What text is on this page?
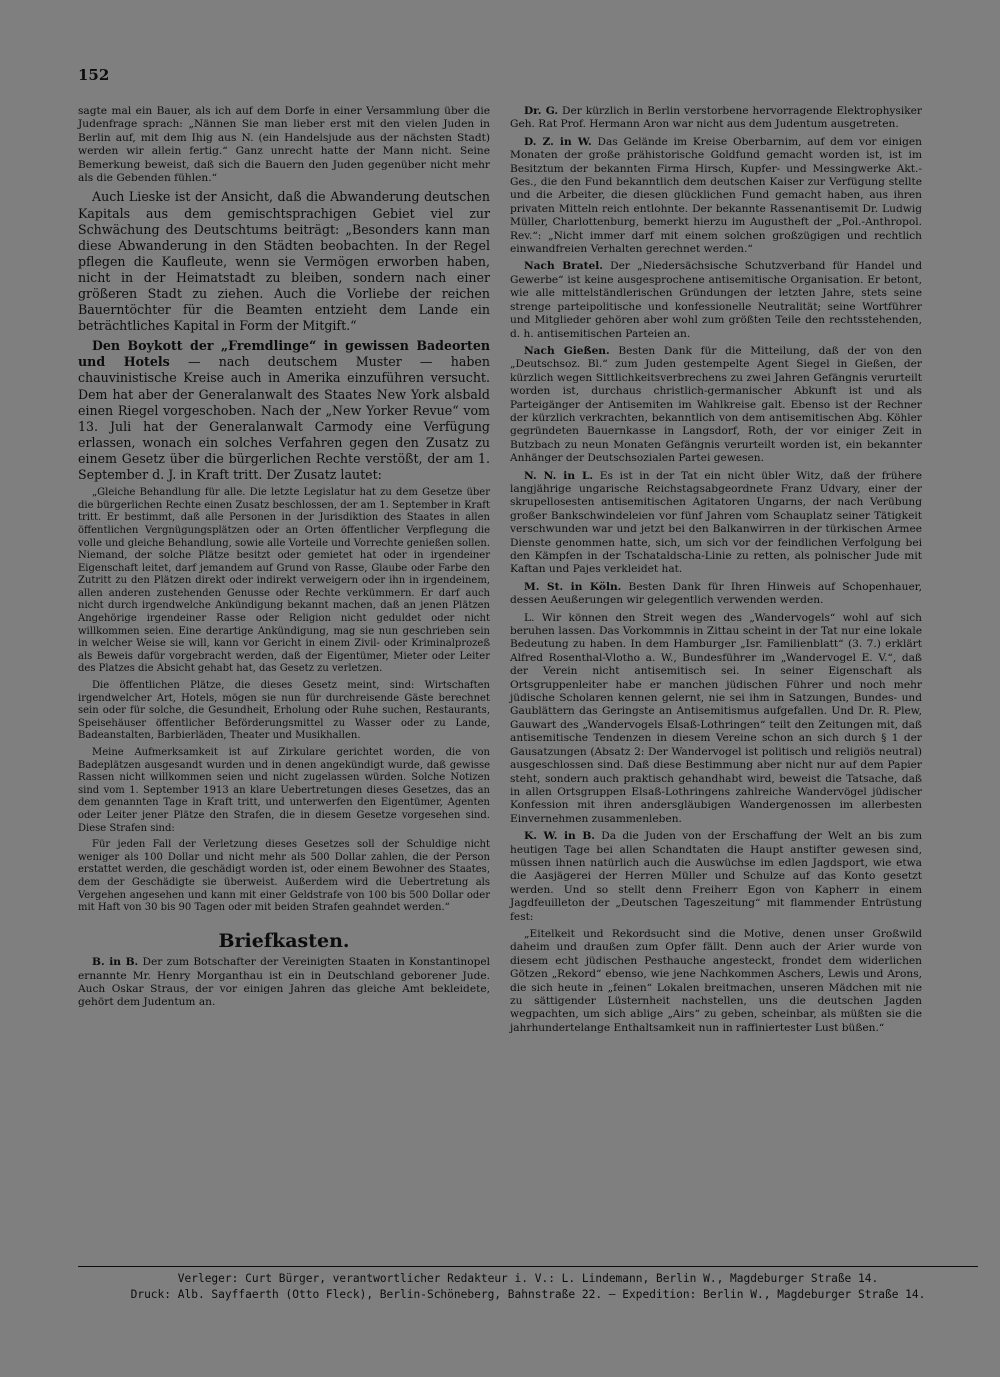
152

sagte mal ein Bauer, als ich auf dem Dorfe in einer Versammlung über die Judenfrage sprach: „Nännen Sie man lieber erst mit den vielen Juden in Berlin auf, mit dem Ihig aus N. (ein Handelsjude aus der nächsten Stadt) werden wir allein fertig.“ Ganz unrecht hatte der Mann nicht. Seine Bemerkung beweist, daß sich die Bauern den Juden gegenüber nicht mehr als die Gebenden fühlen.“

Auch Lieske ist der Ansicht, daß die Abwanderung deutschen Kapitals aus dem gemischtsprachigen Gebiet viel zur Schwächung des Deutschtums beiträgt: „Besonders kann man diese Abwanderung in den Städten beobachten. In der Regel pflegen die Kaufleute, wenn sie Vermögen erworben haben, nicht in der Heimatstadt zu bleiben, sondern nach einer größeren Stadt zu ziehen. Auch die Vorliebe der reichen Bauerntöchter für die Beamten entzieht dem Lande ein beträchtliches Kapital in Form der Mitgift.“

Den Boykott der „Fremdlinge“ in gewissen Badeorten und Hotels — nach deutschem Muster — haben chauvinistische Kreise auch in Amerika einzuführen versucht. Dem hat aber der Generalanwalt des Staates New York alsbald einen Riegel vorgeschoben. Nach der „New Yorker Revue“ vom 13. Juli hat der Generalanwalt Carmody eine Verfügung erlassen, wonach ein solches Verfahren gegen den Zusatz zu einem Gesetz über die bürgerlichen Rechte verstößt, der am 1. September d. J. in Kraft tritt. Der Zusatz lautet:

„Gleiche Behandlung für alle. Die letzte Legislatur hat zu dem Gesetze über die bürgerlichen Rechte einen Zusatz beschlossen, der am 1. September in Kraft tritt. Er bestimmt, daß alle Personen in der Jurisdiktion des Staates in allen öffentlichen Vergnügungsplätzen oder an Orten öffentlicher Verpflegung die volle und gleiche Behandlung, sowie alle Vorteile und Vorrechte genießen sollen. Niemand, der solche Plätze besitzt oder gemietet hat oder in irgendeiner Eigenschaft leitet, darf jemandem auf Grund von Rasse, Glaube oder Farbe den Zutritt zu den Plätzen direkt oder indirekt verweigern oder ihn in irgendeinem, allen anderen zustehenden Genusse oder Rechte verkümmern. Er darf auch nicht durch irgendwelche Ankündigung bekannt machen, daß an jenen Plätzen Angehörige irgendeiner Rasse oder Religion nicht geduldet oder nicht willkommen seien. Eine derartige Ankündigung, mag sie nun geschrieben sein in welcher Weise sie will, kann vor Gericht in einem Zivil- oder Kriminalprozeß als Beweis dafür vorgebracht werden, daß der Eigentümer, Mieter oder Leiter des Platzes die Absicht gehabt hat, das Gesetz zu verletzen.

Die öffentlichen Plätze, die dieses Gesetz meint, sind: Wirtschaften irgendwelcher Art, Hotels, mögen sie nun für durchreisende Gäste berechnet sein oder für solche, die Gesundheit, Erholung oder Ruhe suchen, Restaurants, Speisehäuser öffentlicher Beförderungsmittel zu Wasser oder zu Lande, Badeanstalten, Barbierläden, Theater und Musikhallen.

Meine Aufmerksamkeit ist auf Zirkulare gerichtet worden, die von Badeplätzen ausgesandt wurden und in denen angekündigt wurde, daß gewisse Rassen nicht willkommen seien und nicht zugelassen würden. Solche Notizen sind vom 1. September 1913 an klare Uebertretungen dieses Gesetzes, das an dem genannten Tage in Kraft tritt, und unterwerfen den Eigentümer, Agenten oder Leiter jener Plätze den Strafen, die in diesem Gesetze vorgesehen sind. Diese Strafen sind:

Für jeden Fall der Verletzung dieses Gesetzes soll der Schuldige nicht weniger als 100 Dollar und nicht mehr als 500 Dollar zahlen, die der Person erstattet werden, die geschädigt worden ist, oder einem Bewohner des Staates, dem der Geschädigte sie überweist. Außerdem wird die Uebertretung als Vergehen angesehen und kann mit einer Geldstrafe von 100 bis 500 Dollar oder mit Haft von 30 bis 90 Tagen oder mit beiden Strafen geahndet werden.“

Briefkasten.

B. in B. Der zum Botschafter der Vereinigten Staaten in Konstantinopel ernannte Mr. Henry Morganthau ist ein in Deutschland geborener Jude. Auch Oskar Straus, der vor einigen Jahren das gleiche Amt bekleidete, gehört dem Judentum an.

Dr. G. Der kürzlich in Berlin verstorbene hervorragende Elektrophysiker Geh. Rat Prof. Hermann Aron war nicht aus dem Judentum ausgetreten.

D. Z. in W. Das Gelände im Kreise Oberbarnim, auf dem vor einigen Monaten der große prähistorische Goldfund gemacht worden ist, ist im Besitztum der bekannten Firma Hirsch, Kupfer- und Messingwerke Akt.-Ges., die den Fund bekanntlich dem deutschen Kaiser zur Verfügung stellte und die Arbeiter, die diesen glücklichen Fund gemacht haben, aus ihren privaten Mitteln reich entlohnte. Der bekannte Rassenantisemit Dr. Ludwig Müller, Charlottenburg, bemerkt hierzu im Augustheft der „Pol.-Anthropol. Rev.“: „Nicht immer darf mit einem solchen großzügigen und rechtlich einwandfreien Verhalten gerechnet werden.“

Nach Bratel. Der „Niedersächsische Schutzverband für Handel und Gewerbe“ ist keine ausgesprochene antisemitische Organisation. Er betont, wie alle mittelständlerischen Gründungen der letzten Jahre, stets seine strenge parteipolitische und konfessionelle Neutralität; seine Wortführer und Mitglieder gehören aber wohl zum größten Teile den rechtsstehenden, d. h. antisemitischen Parteien an.

Nach Gießen. Besten Dank für die Mitteilung, daß der von den „Deutschsoz. Bl.“ zum Juden gestempelte Agent Siegel in Gießen, der kürzlich wegen Sittlichkeitsverbrechens zu zwei Jahren Gefängnis verurteilt worden ist, durchaus christlich-germanischer Abkunft ist und als Parteigänger der Antisemiten im Wahlkreise galt. Ebenso ist der Rechner der kürzlich verkrachten, bekanntlich von dem antisemitischen Abg. Köhler gegründeten Bauernkasse in Langsdorf, Roth, der vor einiger Zeit in Butzbach zu neun Monaten Gefängnis verurteilt worden ist, ein bekannter Anhänger der Deutschsozialen Partei gewesen.

N. N. in L. Es ist in der Tat ein nicht übler Witz, daß der frühere langjährige ungarische Reichstagsabgeordnete Franz Udvary, einer der skrupellosesten antisemitischen Agitatoren Ungarns, der nach Verübung großer Bankschwindeleien vor fünf Jahren vom Schauplatz seiner Tätigkeit verschwunden war und jetzt bei den Balkanwirren in der türkischen Armee Dienste genommen hatte, sich, um sich vor der feindlichen Verfolgung bei den Kämpfen in der Tschataldscha-Linie zu retten, als polnischer Jude mit Kaftan und Pajes verkleidet hat.

M. St. in Köln. Besten Dank für Ihren Hinweis auf Schopenhauer, dessen Aeußerungen wir gelegentlich verwenden werden.

L. Wir können den Streit wegen des „Wandervogels“ wohl auf sich beruhen lassen. Das Vorkommnis in Zittau scheint in der Tat nur eine lokale Bedeutung zu haben. In dem Hamburger „Isr. Familienblatt“ (3. 7.) erklärt Alfred Rosenthal-Vlotho a. W., Bundesführer im „Wandervogel E. V.“, daß der Verein nicht antisemitisch sei. In seiner Eigenschaft als Ortsgruppenleiter habe er manchen jüdischen Führer und noch mehr jüdische Scholaren kennen gelernt, nie sei ihm in Satzungen, Bundes- und Gaublättern das Geringste an Antisemitismus aufgefallen. Und Dr. R. Plew, Gauwart des „Wandervogels Elsaß-Lothringen“ teilt den Zeitungen mit, daß antisemitische Tendenzen in diesem Vereine schon an sich durch § 1 der Gausatzungen (Absatz 2: Der Wandervogel ist politisch und religiös neutral) ausgeschlossen sind. Daß diese Bestimmung aber nicht nur auf dem Papier steht, sondern auch praktisch gehandhabt wird, beweist die Tatsache, daß in allen Ortsgruppen Elsaß-Lothringens zahlreiche Wandervögel jüdischer Konfession mit ihren andersgläubigen Wandergenossen im allerbesten Einvernehmen zusammenleben.

K. W. in B. Da die Juden von der Erschaffung der Welt an bis zum heutigen Tage bei allen Schandtaten die Haupt anstifter gewesen sind, müssen ihnen natürlich auch die Auswüchse im edlen Jagdsport, wie etwa die Aasjägerei der Herren Müller und Schulze auf das Konto gesetzt werden. Und so stellt denn Freiherr Egon von Kapherr in einem Jagdfeuilleton der „Deutschen Tageszeitung“ mit flammender Entrüstung fest:

„Eitelkeit und Rekordsucht sind die Motive, denen unser Großwild daheim und draußen zum Opfer fällt. Denn auch der Arier wurde von diesem echt jüdischen Pesthauche angesteckt, frondet dem widerlichen Götzen „Rekord“ ebenso, wie jene Nachkommen Aschers, Lewis und Arons, die sich heute in „feinen“ Lokalen breitmachen, unseren Mädchen mit nie zu sättigender Lüsternheit nachstellen, uns die deutschen Jagden wegpachten, um sich ablige „Airs“ zu geben, scheinbar, als müßten sie die jahrhundertelange Enthaltsamkeit nun in raffiniertester Lust büßen.“

Verleger: Curt Bürger, verantwortlicher Redakteur i. V.: L. Lindemann, Berlin W., Magdeburger Straße 14.
Druck: Alb. Sayffaerth (Otto Fleck), Berlin-Schöneberg, Bahnstraße 22. — Expedition: Berlin W., Magdeburger Straße 14.
